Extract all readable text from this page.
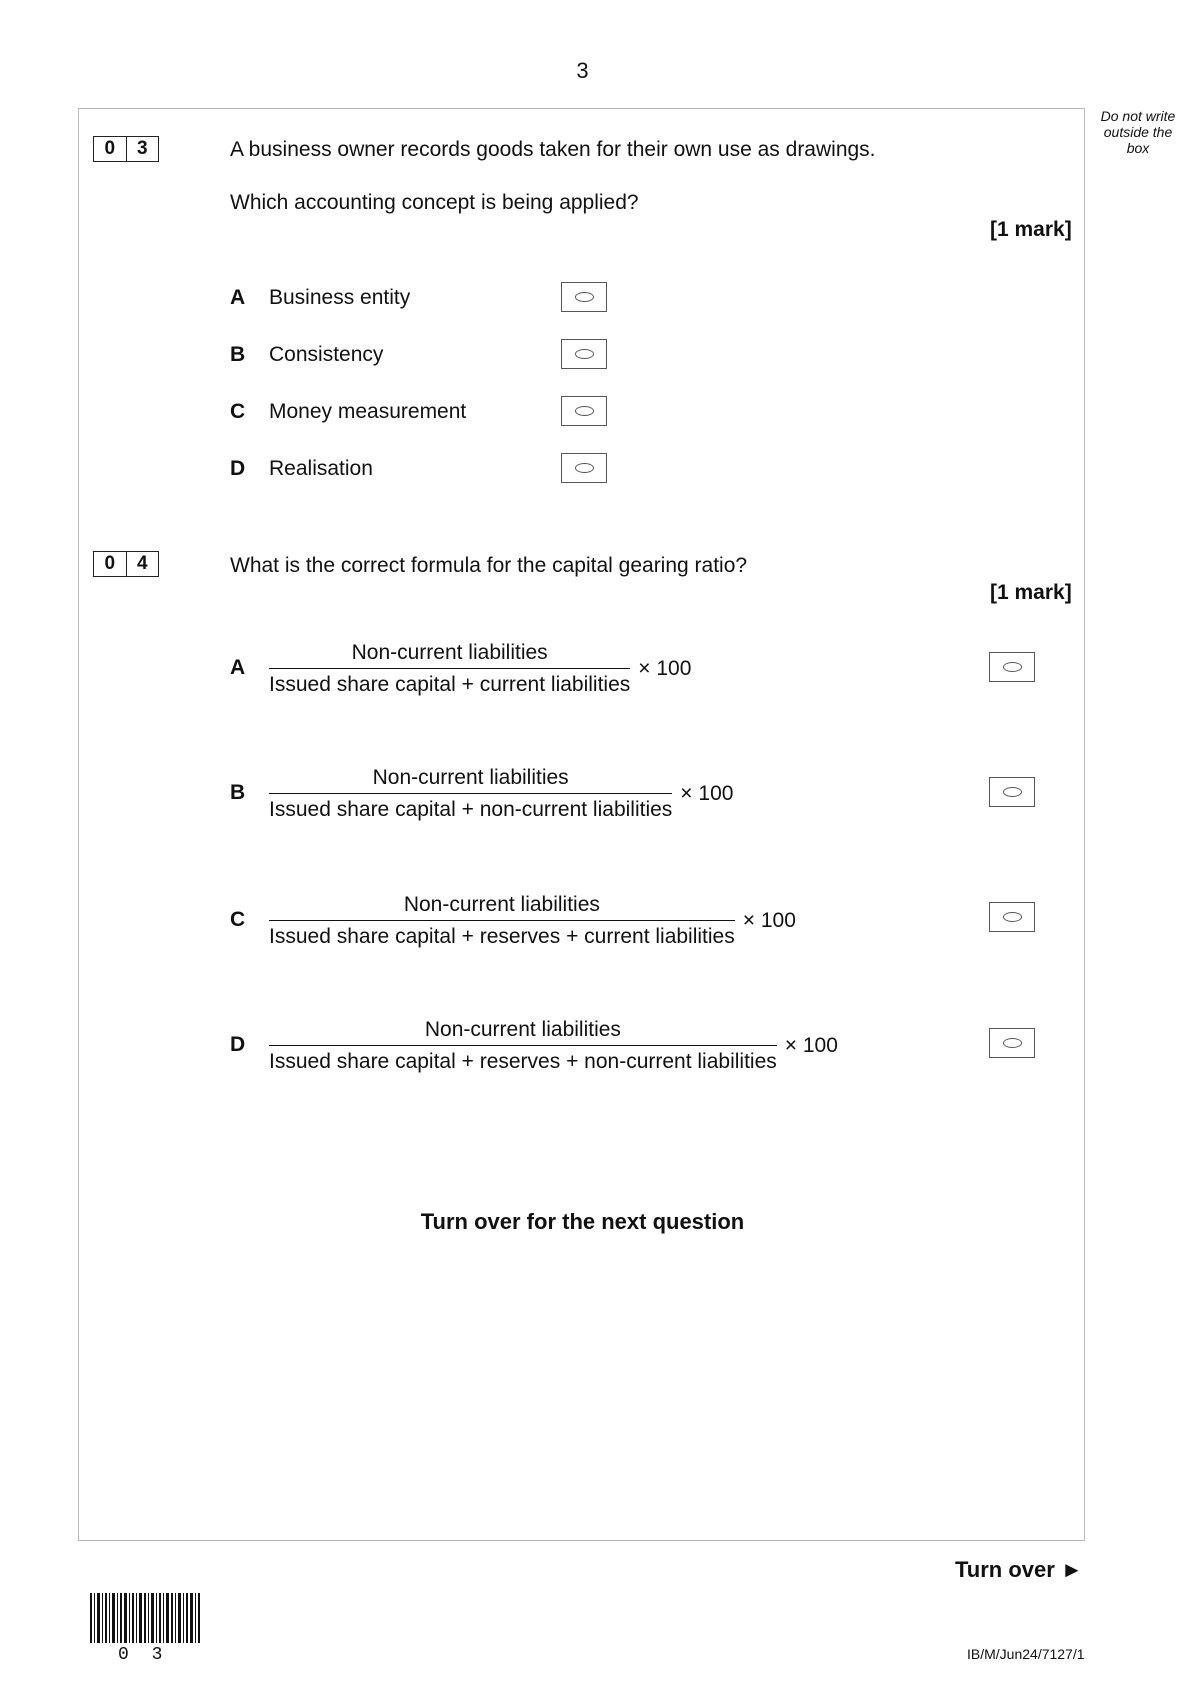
3
Do not write outside the box
0	3	A business owner records goods taken for their own use as drawings.
Which accounting concept is being applied?
[1 mark]
A Business entity
B Consistency
C Money measurement
D Realisation
0	4	What is the correct formula for the capital gearing ratio?
[1 mark]
A $\frac{\text{Non-current liabilities}}{\text{Issued share capital + current liabilities}} \times 100$
B $\frac{\text{Non-current liabilities}}{\text{Issued share capital + non-current liabilities}} \times 100$
C $\frac{\text{Non-current liabilities}}{\text{Issued share capital + reserves + current liabilities}} \times 100$
D $\frac{\text{Non-current liabilities}}{\text{Issued share capital + reserves + non-current liabilities}} \times 100$
Turn over for the next question
Turn over ►
0 3	IB/M/Jun24/7127/1
